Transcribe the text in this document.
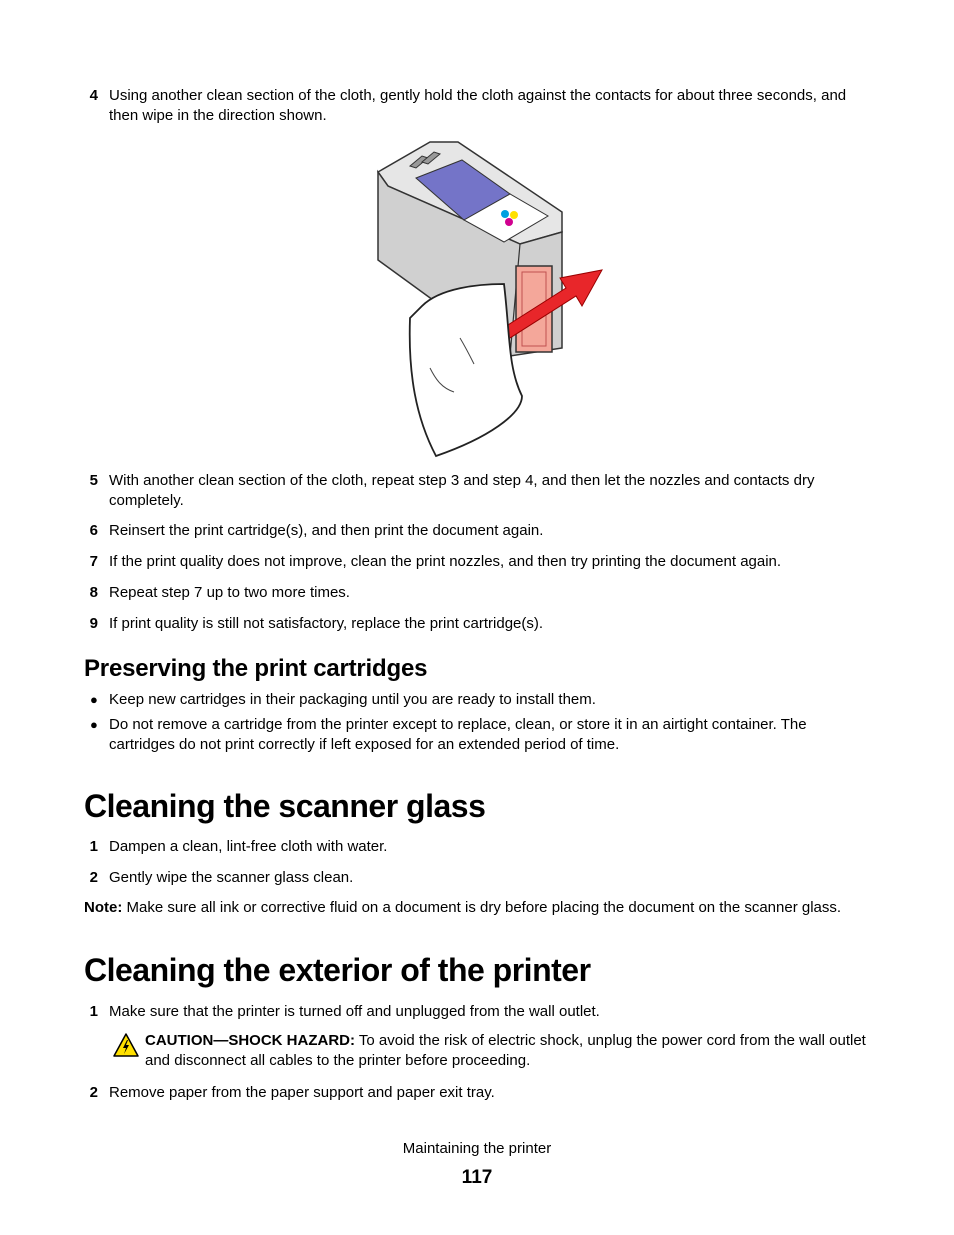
4 Using another clean section of the cloth, gently hold the cloth against the contacts for about three seconds, and then wipe in the direction shown.
5 With another clean section of the cloth, repeat step 3 and step 4, and then let the nozzles and contacts dry completely.
6 Reinsert the print cartridge(s), and then print the document again.
7 If the print quality does not improve, clean the print nozzles, and then try printing the document again.
8 Repeat step 7 up to two more times.
9 If print quality is still not satisfactory, replace the print cartridge(s).
Preserving the print cartridges
● Keep new cartridges in their packaging until you are ready to install them.
● Do not remove a cartridge from the printer except to replace, clean, or store it in an airtight container. The cartridges do not print correctly if left exposed for an extended period of time.
Cleaning the scanner glass
1 Dampen a clean, lint-free cloth with water.
2 Gently wipe the scanner glass clean.
Note: Make sure all ink or corrective fluid on a document is dry before placing the document on the scanner glass.
Cleaning the exterior of the printer
1 Make sure that the printer is turned off and unplugged from the wall outlet.
CAUTION—SHOCK HAZARD: To avoid the risk of electric shock, unplug the power cord from the wall outlet and disconnect all cables to the printer before proceeding.
2 Remove paper from the paper support and paper exit tray.
Maintaining the printer
117
